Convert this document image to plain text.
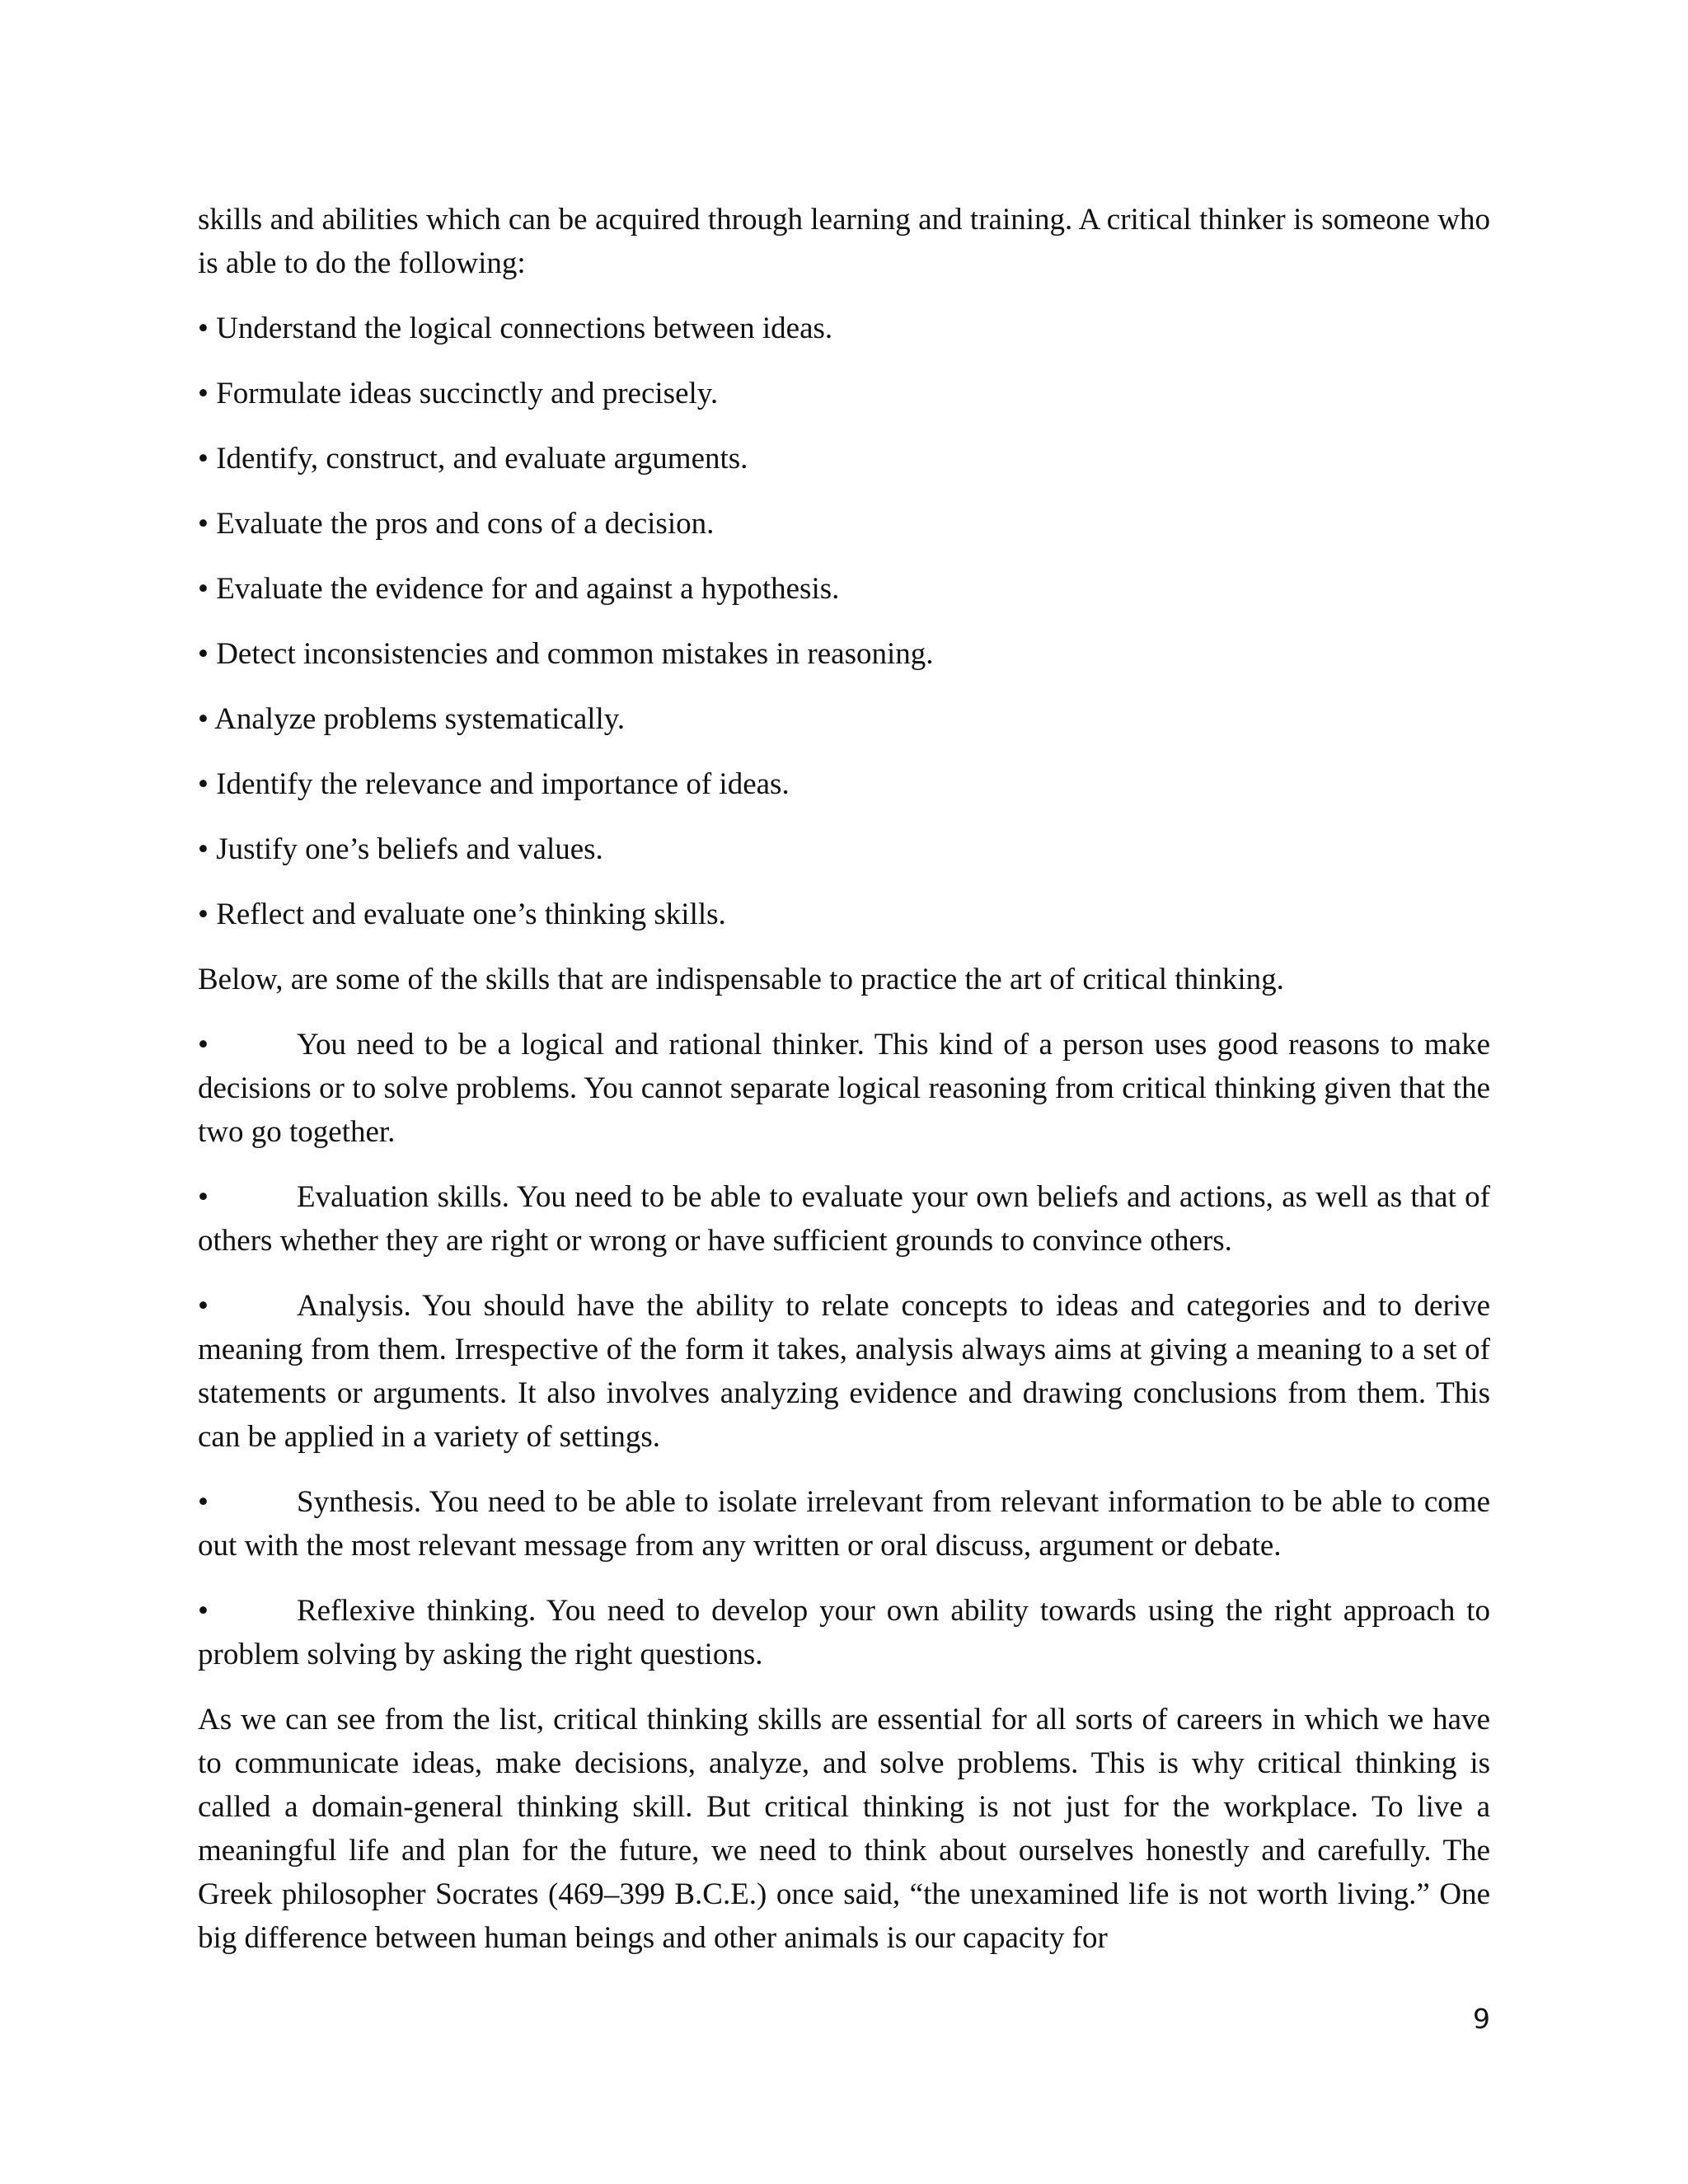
skills and abilities which can be acquired through learning and training. A critical thinker is someone who is able to do the following:

• Understand the logical connections between ideas.
• Formulate ideas succinctly and precisely.
• Identify, construct, and evaluate arguments.
• Evaluate the pros and cons of a decision.
• Evaluate the evidence for and against a hypothesis.
• Detect inconsistencies and common mistakes in reasoning.
• Analyze problems systematically.
• Identify the relevance and importance of ideas.
• Justify one’s beliefs and values.
• Reflect and evaluate one’s thinking skills.

Below, are some of the skills that are indispensable to practice the art of critical thinking.

•	You need to be a logical and rational thinker. This kind of a person uses good reasons to make decisions or to solve problems. You cannot separate logical reasoning from critical thinking given that the two go together.

•	Evaluation skills. You need to be able to evaluate your own beliefs and actions, as well as that of others whether they are right or wrong or have sufficient grounds to convince others.

•	Analysis. You should have the ability to relate concepts to ideas and categories and to derive meaning from them. Irrespective of the form it takes, analysis always aims at giving a meaning to a set of statements or arguments. It also involves analyzing evidence and drawing conclusions from them. This can be applied in a variety of settings.

•	Synthesis. You need to be able to isolate irrelevant from relevant information to be able to come out with the most relevant message from any written or oral discuss, argument or debate.

•	Reflexive thinking. You need to develop your own ability towards using the right approach to problem solving by asking the right questions.

As we can see from the list, critical thinking skills are essential for all sorts of careers in which we have to communicate ideas, make decisions, analyze, and solve problems. This is why critical thinking is called a domain-general thinking skill. But critical thinking is not just for the workplace. To live a meaningful life and plan for the future, we need to think about ourselves honestly and carefully. The Greek philosopher Socrates (469–399 B.C.E.) once said, “the unexamined life is not worth living.” One big difference between human beings and other animals is our capacity for

9
